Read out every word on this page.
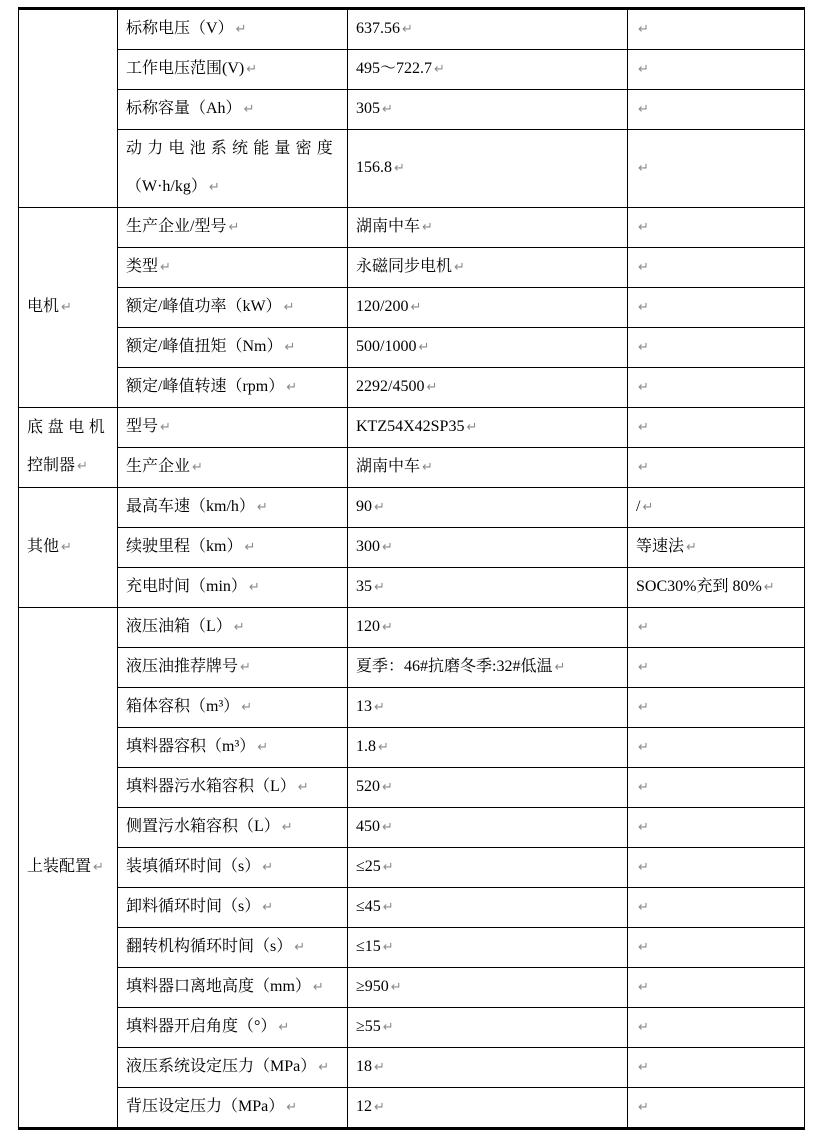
	标称电压（V） ↵	637.56 ↵	↵
	工作电压范围(V) ↵	495～722.7 ↵	↵
	标称容量（Ah） ↵	305 ↵	↵

	动力电池系统能量密度
（W·h/kg） ↵	156.8 ↵	↵

电机 ↵	生产企业/型号 ↵	湖南中车 ↵	↵
	类型 ↵	永磁同步电机 ↵	↵
	额定/峰值功率（kW） ↵	120/200 ↵	↵
	额定/峰值扭矩（Nm） ↵	500/1000 ↵	↵
	额定/峰值转速（rpm） ↵	2292/4500 ↵	↵

底盘电机
控制器 ↵	型号 ↵	KTZ54X42SP35 ↵	↵
	生产企业 ↵	湖南中车 ↵	↵

其他 ↵	最高车速（km/h） ↵	90 ↵	/ ↵
	续驶里程（km） ↵	300 ↵	等速法 ↵
	充电时间（min） ↵	35 ↵	SOC30%充到 80% ↵

上装配置 ↵	液压油箱（L） ↵	120 ↵	↵
	液压油推荐牌号 ↵	夏季：46#抗磨冬季:32#低温 ↵	↵
	箱体容积（m³） ↵	13 ↵	↵
	填料器容积（m³） ↵	1.8 ↵	↵
	填料器污水箱容积（L） ↵	520 ↵	↵
	侧置污水箱容积（L） ↵	450 ↵	↵
	装填循环时间（s） ↵	≤25 ↵	↵
	卸料循环时间（s） ↵	≤45 ↵	↵
	翻转机构循环时间（s） ↵	≤15 ↵	↵
	填料器口离地高度（mm） ↵	≥950 ↵	↵
	填料器开启角度（°） ↵	≥55 ↵	↵
	液压系统设定压力（MPa） ↵	18 ↵	↵
	背压设定压力（MPa） ↵	12 ↵	↵
